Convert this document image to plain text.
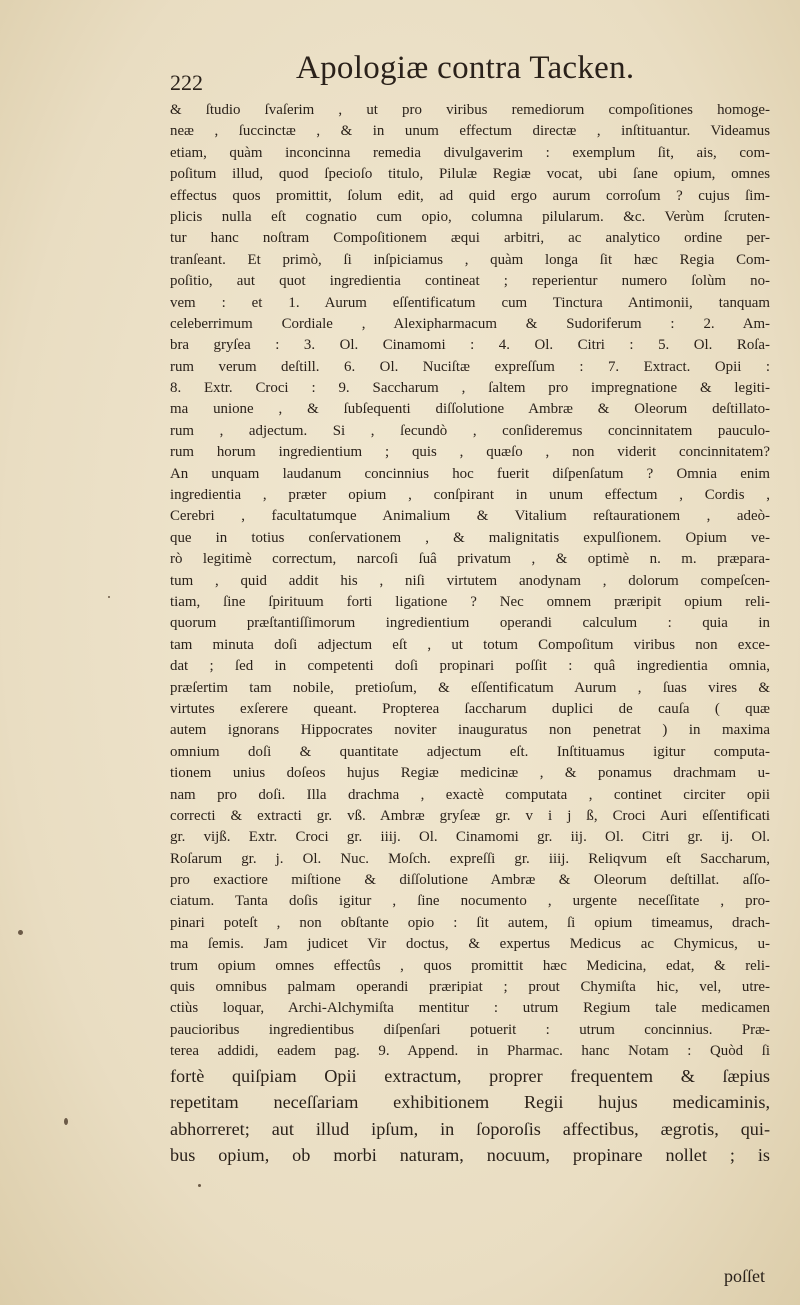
222	Apologiæ contra Tacken.
& ſtudio ſvaſerim , ut pro viribus remediorum compoſitiones homoge-
neæ , ſuccinctæ , & in unum effectum directæ , inſtituantur. Videamus
etiam, quàm inconcinna remedia divulgaverim : exemplum ſit, ais, com-
poſitum illud, quod ſpecioſo titulo, Pilulæ Regiæ vocat, ubi ſane opium, omnes
effectus quos promittit, ſolum edit, ad quid ergo aurum corroſum ? cujus ſim-
plicis nulla eſt cognatio cum opio, columna pilularum. &c. Verùm ſcruten-
tur hanc noſtram Compoſitionem æqui arbitri, ac analytico ordine per-
tranſeant. Et primò, ſi inſpiciamus , quàm longa ſit hæc Regia Com-
poſitio, aut quot ingredientia contineat ; reperientur numero ſolùm no-
vem : et 1. Aurum eſſentificatum cum Tinctura Antimonii, tanquam
celeberrimum Cordiale , Alexipharmacum & Sudoriferum : 2. Am-
bra gryſea : 3. Ol. Cinamomi : 4. Ol. Citri : 5. Ol. Roſa-
rum verum deſtill. 6. Ol. Nuciſtæ expreſſum : 7. Extract. Opii :
8. Extr. Croci : 9. Saccharum , ſaltem pro impregnatione & legiti-
ma unione , & ſubſequenti diſſolutione Ambræ & Oleorum deſtillato-
rum , adjectum. Si , ſecundò , conſideremus concinnitatem pauculo-
rum horum ingredientium ; quis , quæſo , non viderit concinnitatem?
An unquam laudanum concinnius hoc fuerit diſpenſatum ? Omnia enim
ingredientia , præter opium , conſpirant in unum effectum , Cordis ,
Cerebri , facultatumque Animalium & Vitalium reſtaurationem , adeò-
que in totius conſervationem , & malignitatis expulſionem. Opium ve-
rò legitimè correctum, narcoſi ſuâ privatum , & optimè n. m. præpara-
tum , quid addit his , niſi virtutem anodynam , dolorum compeſcen-
tiam, ſine ſpirituum forti ligatione ? Nec omnem præripit opium reli-
quorum præſtantiſſimorum ingredientium operandi calculum : quia in
tam minuta doſi adjectum eſt , ut totum Compoſitum viribus non exce-
dat ; ſed in competenti doſi propinari poſſit : quâ ingredientia omnia,
præſertim tam nobile, pretioſum, & eſſentificatum Aurum , ſuas vires &
virtutes exſerere queant. Propterea ſaccharum duplici de cauſa ( quæ
autem ignorans Hippocrates noviter inauguratus non penetrat ) in maxima
omnium doſi & quantitate adjectum eſt. Inſtituamus igitur computa-
tionem unius doſeos hujus Regiæ medicinæ , & ponamus drachmam u-
nam pro doſi. Illa drachma , exactè computata , continet circiter opii
correcti & extracti gr. vß. Ambræ gryſeæ gr. v i j ß, Croci Auri eſſentificati
gr. vijß. Extr. Croci gr. iiij. Ol. Cinamomi gr. iij. Ol. Citri gr. ij. Ol.
Roſarum gr. j. Ol. Nuc. Moſch. expreſſi gr. iiij. Reliqvum eſt Saccharum,
pro exactiore miſtione & diſſolutione Ambræ & Oleorum deſtillat. aſſo-
ciatum. Tanta doſis igitur , ſine nocumento , urgente neceſſitate , pro-
pinari poteſt , non obſtante opio : ſit autem, ſi opium timeamus, drach-
ma ſemis. Jam judicet Vir doctus, & expertus Medicus ac Chymicus, u-
trum opium omnes effectûs , quos promittit hæc Medicina, edat, & reli-
quis omnibus palmam operandi præripiat ; prout Chymiſta hic, vel, utre-
ctiùs loquar, Archi-Alchymiſta mentitur : utrum Regium tale medicamen
paucioribus ingredientibus diſpenſari potuerit : utrum concinnius. Præ-
terea addidi, eadem pag. 9. Append. in Pharmac. hanc Notam : Quòd ſi
fortè quiſpiam Opii extractum, proprer frequentem & ſæpius
repetitam neceſſariam exhibitionem Regii hujus medicaminis,
abhorreret; aut illud ipſum, in ſoporoſis affectibus, ægrotis, qui-
bus opium, ob morbi naturam, nocuum, propinare nollet ; is
poſſet
